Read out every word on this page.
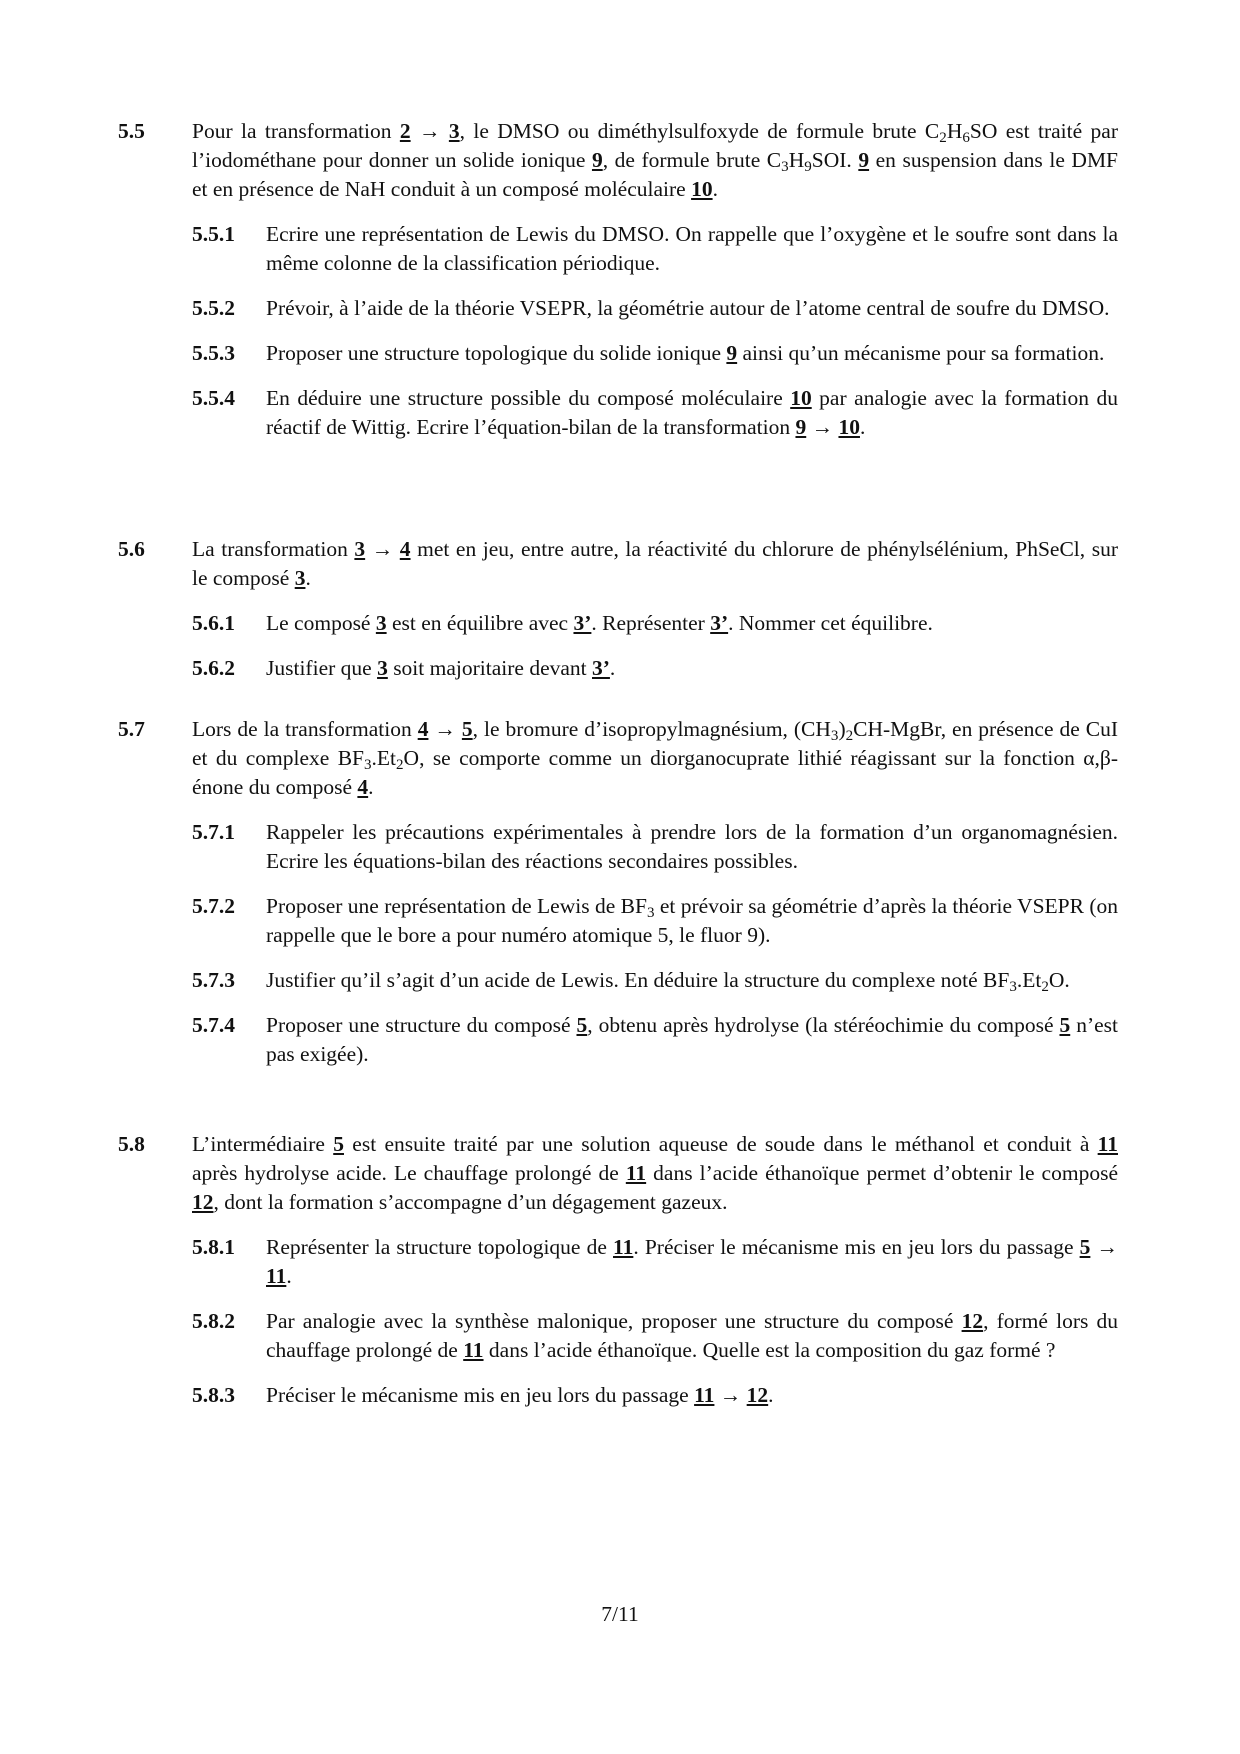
5.5 Pour la transformation 2 → 3, le DMSO ou diméthylsulfoxyde de formule brute $C_2H_6SO$ est traité par l’iodométhane pour donner un solide ionique 9, de formule brute $C_3H_9SOI$. 9 en suspension dans le DMF et en présence de NaH conduit à un composé moléculaire 10.
5.5.1 Ecrire une représentation de Lewis du DMSO. On rappelle que l’oxygène et le soufre sont dans la même colonne de la classification périodique.
5.5.2 Prévoir, à l’aide de la théorie VSEPR, la géométrie autour de l’atome central de soufre du DMSO.
5.5.3 Proposer une structure topologique du solide ionique 9 ainsi qu’un mécanisme pour sa formation.
5.5.4 En déduire une structure possible du composé moléculaire 10 par analogie avec la formation du réactif de Wittig. Ecrire l’équation-bilan de la transformation 9 → 10.
5.6 La transformation 3 → 4 met en jeu, entre autre, la réactivité du chlorure de phénylsélénium, PhSeCl, sur le composé 3.
5.6.1 Le composé 3 est en équilibre avec 3’. Représenter 3’. Nommer cet équilibre.
5.6.2 Justifier que 3 soit majoritaire devant 3’.
5.7 Lors de la transformation 4 → 5, le bromure d’isopropylmagnésium, $(CH_3)_2CH$-MgBr, en présence de CuI et du complexe $BF_3.Et_2O$, se comporte comme un diorganocuprate lithié réagissant sur la fonction α,β-énone du composé 4.
5.7.1 Rappeler les précautions expérimentales à prendre lors de la formation d’un organomagnésien. Ecrire les équations-bilan des réactions secondaires possibles.
5.7.2 Proposer une représentation de Lewis de $BF_3$ et prévoir sa géométrie d’après la théorie VSEPR (on rappelle que le bore a pour numéro atomique 5, le fluor 9).
5.7.3 Justifier qu’il s’agit d’un acide de Lewis. En déduire la structure du complexe noté $BF_3.Et_2O$.
5.7.4 Proposer une structure du composé 5, obtenu après hydrolyse (la stéréochimie du composé 5 n’est pas exigée).
5.8 L’intermédiaire 5 est ensuite traité par une solution aqueuse de soude dans le méthanol et conduit à 11 après hydrolyse acide. Le chauffage prolongé de 11 dans l’acide éthanoïque permet d’obtenir le composé 12, dont la formation s’accompagne d’un dégagement gazeux.
5.8.1 Représenter la structure topologique de 11. Préciser le mécanisme mis en jeu lors du passage 5 → 11.
5.8.2 Par analogie avec la synthèse malonique, proposer une structure du composé 12, formé lors du chauffage prolongé de 11 dans l’acide éthanoïque. Quelle est la composition du gaz formé ?
5.8.3 Préciser le mécanisme mis en jeu lors du passage 11 → 12.
7/11
